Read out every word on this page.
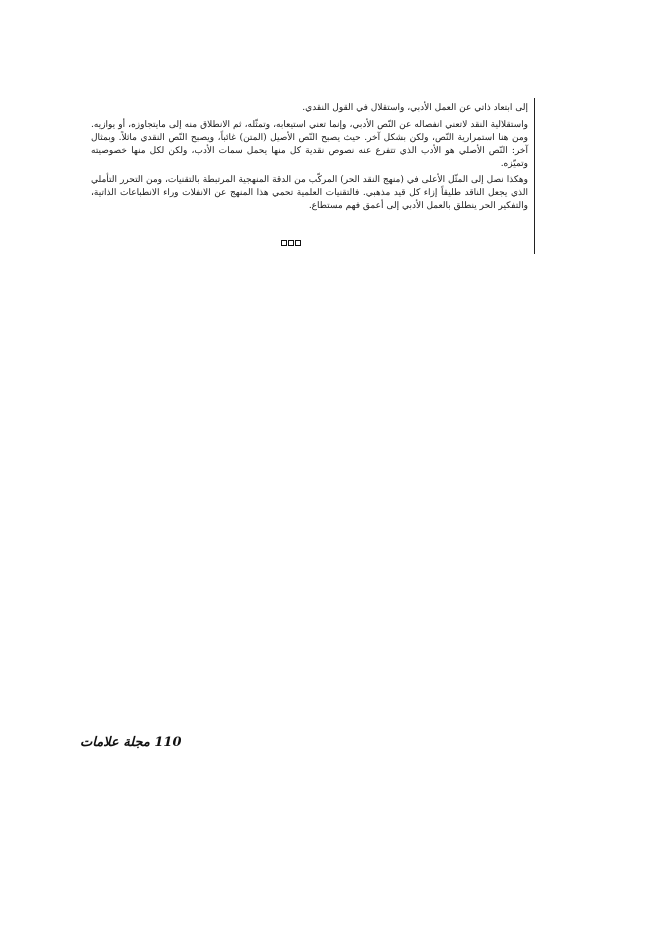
إلى ابتعاد ذاتي عن العمل الأدبي، واستقلال في القول النقدي.

واستقلالية النقد لاتعني انفصاله عن النّص الأدبي، وإنما تعني استيعابه، وتمثّله، ثم الانطلاق منه إلى مايتجاوزه، أو يوازيه. ومن هنا استمرارية النّص، ولكن بشكل آخر. حيث يصبح النّص الأصيل (المتن) غائباً، ويصبح النّص النقدي ماثلاً. وبمثال آخر: النّص الأصلي هو الأدب الذي تتفرع عنه نصوص نقدية كل منها يحمل سمات الأدب، ولكن لكل منها خصوصيته وتميّزه.

وهكذا نصل إلى المثّل الأعلى في (منهج النقد الحر) المركّب من الدقة المنهجية المرتبطة بالتقنيات، ومن التحرر التأملي الذي يجعل الناقد طليقاً إزاء كل قيد مذهبي. فالتقنيات العلمية تحمي هذا المنهج عن الانفلات وراء الانطباعات الذاتية، والتفكير الحر ينطلق بالعمل الأدبي إلى أعمق فهم مستطاع.

110 مجلة علامات
